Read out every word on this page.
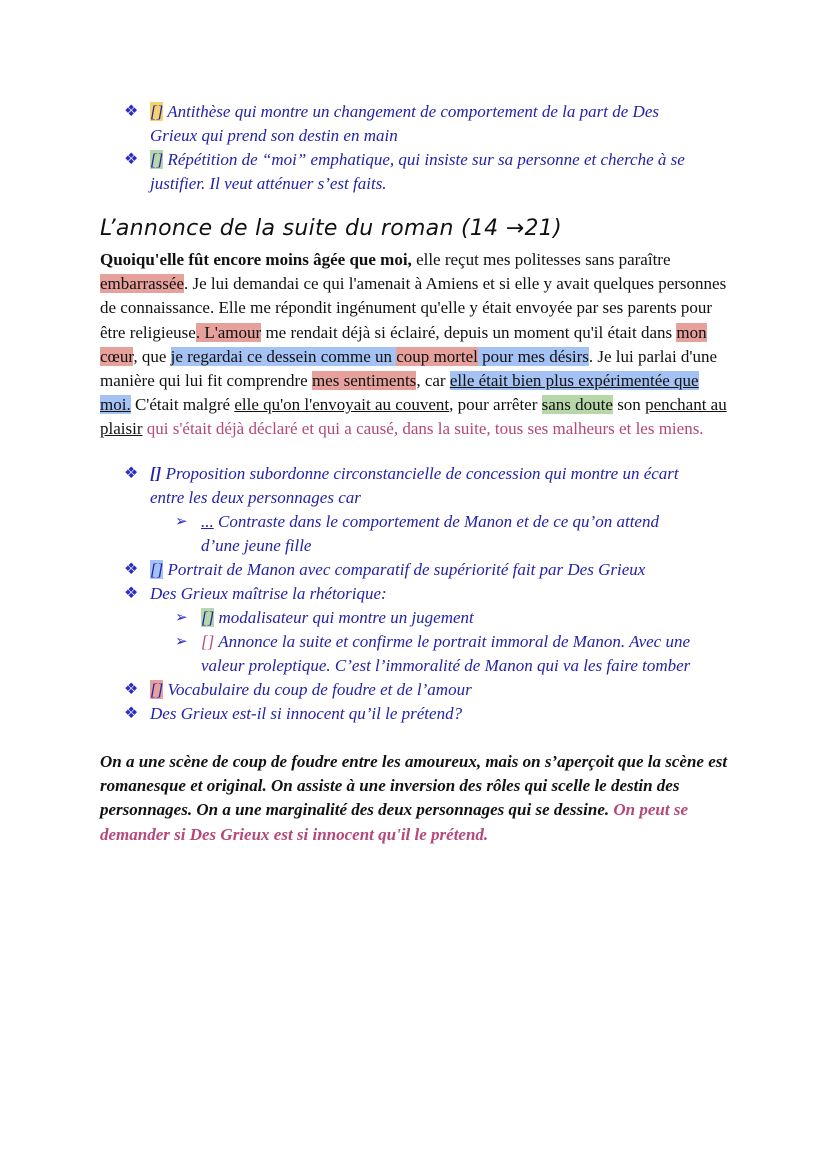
❖ [] Antithèse qui montre un changement de comportement de la part de Des
Grieux qui prend son destin en main
❖ [] Répétition de “moi” emphatique, qui insiste sur sa personne et cherche à se
justifier. Il veut atténuer s’est faits.
L’annonce de la suite du roman (14 →21)
Quoiqu'elle fût encore moins âgée que moi, elle reçut mes politesses sans paraître embarrassée. Je lui demandai ce qui l'amenait à Amiens et si elle y avait quelques personnes de connaissance. Elle me répondit ingénument qu'elle y était envoyée par ses parents pour être religieuse. L'amour me rendait déjà si éclairé, depuis un moment qu'il était dans mon cœur, que je regardai ce dessein comme un coup mortel pour mes désirs. Je lui parlai d'une manière qui lui fit comprendre mes sentiments, car elle était bien plus expérimentée que moi. C'était malgré elle qu'on l'envoyait au couvent, pour arrêter sans doute son penchant au plaisir qui s'était déjà déclaré et qui a causé, dans la suite, tous ses malheurs et les miens.
❖ [] Proposition subordonne circonstancielle de concession qui montre un écart
entre les deux personnages car
➢ ... Contraste dans le comportement de Manon et de ce qu’on attend
d’une jeune fille
❖ [] Portrait de Manon avec comparatif de supériorité fait par Des Grieux
❖ Des Grieux maîtrise la rhétorique:
➢ [] modalisateur qui montre un jugement
➢ [] Annonce la suite et confirme le portrait immoral de Manon. Avec une
valeur proleptique. C’est l’immoralité de Manon qui va les faire tomber
❖ [] Vocabulaire du coup de foudre et de l’amour
❖ Des Grieux est-il si innocent qu’il le prétend?
On a une scène de coup de foudre entre les amoureux, mais on s’aperçoit que la scène est romanesque et original. On assiste à une inversion des rôles qui scelle le destin des personnages. On a une marginalité des deux personnages qui se dessine. On peut se demander si Des Grieux est si innocent qu'il le prétend.
